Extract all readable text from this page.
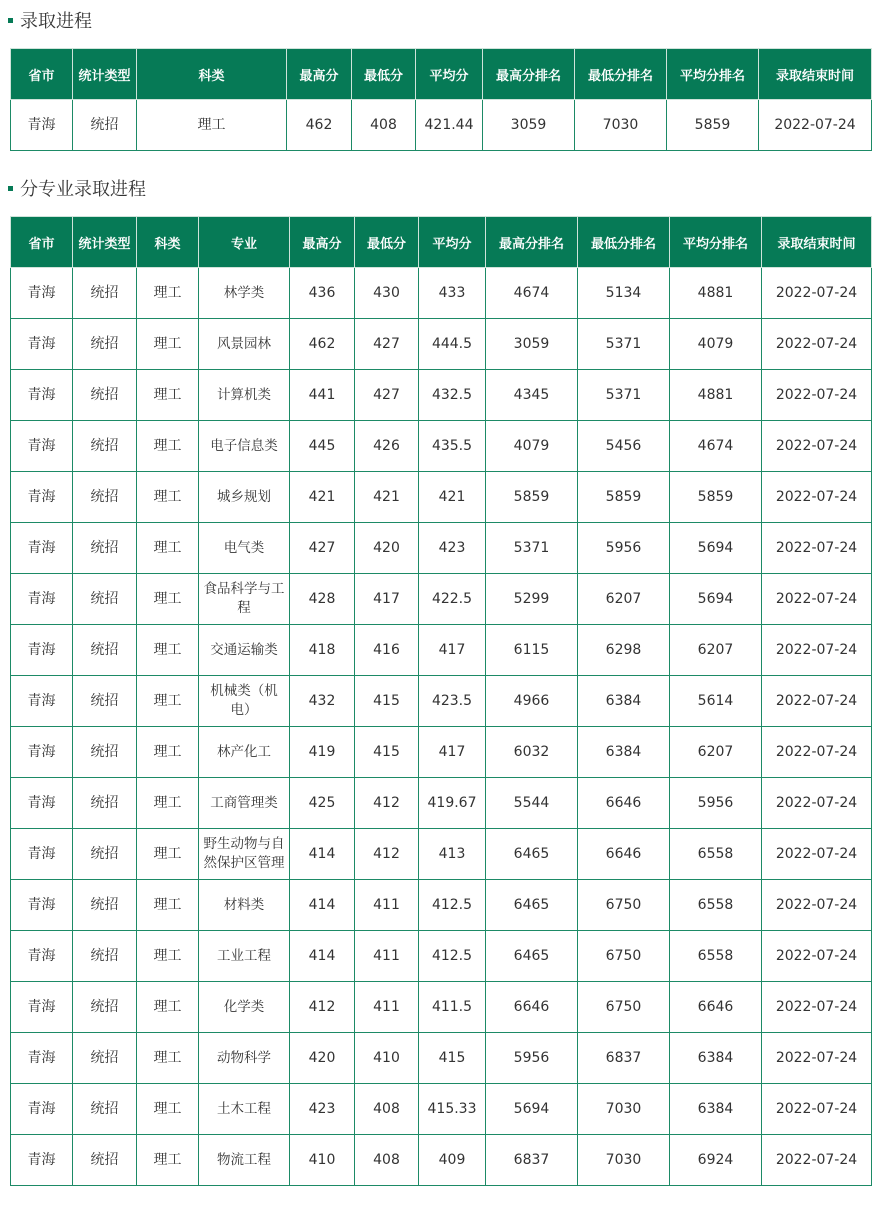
录取进程
省市	统计类型	科类	最高分	最低分	平均分	最高分排名	最低分排名	平均分排名	录取结束时间
青海	统招	理工	462	408	421.44	3059	7030	5859	2022-07-24
分专业录取进程
省市	统计类型	科类	专业	最高分	最低分	平均分	最高分排名	最低分排名	平均分排名	录取结束时间
青海	统招	理工	林学类	436	430	433	4674	5134	4881	2022-07-24
青海	统招	理工	风景园林	462	427	444.5	3059	5371	4079	2022-07-24
青海	统招	理工	计算机类	441	427	432.5	4345	5371	4881	2022-07-24
青海	统招	理工	电子信息类	445	426	435.5	4079	5456	4674	2022-07-24
青海	统招	理工	城乡规划	421	421	421	5859	5859	5859	2022-07-24
青海	统招	理工	电气类	427	420	423	5371	5956	5694	2022-07-24
青海	统招	理工	食品科学与工程	428	417	422.5	5299	6207	5694	2022-07-24
青海	统招	理工	交通运输类	418	416	417	6115	6298	6207	2022-07-24
青海	统招	理工	机械类（机电）	432	415	423.5	4966	6384	5614	2022-07-24
青海	统招	理工	林产化工	419	415	417	6032	6384	6207	2022-07-24
青海	统招	理工	工商管理类	425	412	419.67	5544	6646	5956	2022-07-24
青海	统招	理工	野生动物与自然保护区管理	414	412	413	6465	6646	6558	2022-07-24
青海	统招	理工	材料类	414	411	412.5	6465	6750	6558	2022-07-24
青海	统招	理工	工业工程	414	411	412.5	6465	6750	6558	2022-07-24
青海	统招	理工	化学类	412	411	411.5	6646	6750	6646	2022-07-24
青海	统招	理工	动物科学	420	410	415	5956	6837	6384	2022-07-24
青海	统招	理工	土木工程	423	408	415.33	5694	7030	6384	2022-07-24
青海	统招	理工	物流工程	410	408	409	6837	7030	6924	2022-07-24
